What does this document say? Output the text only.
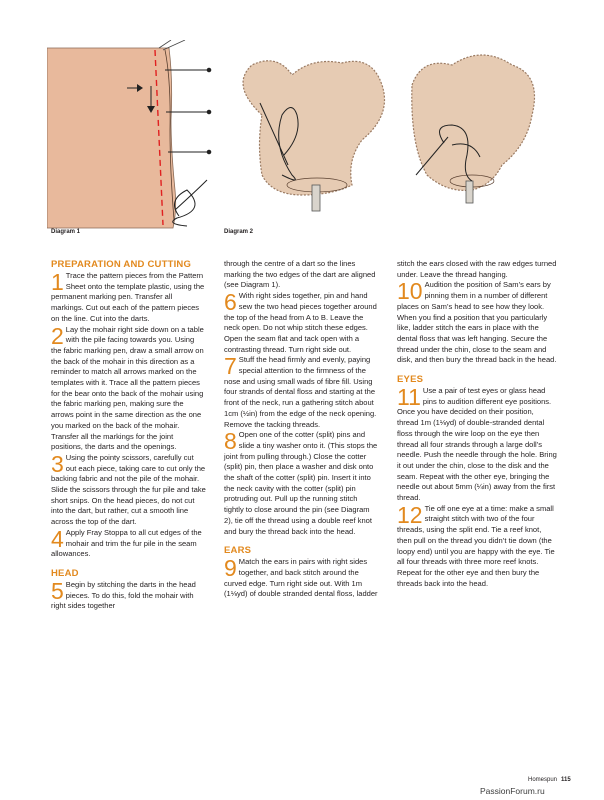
Diagram 1	Diagram 2
PREPARATION AND CUTTING

1 Trace the pattern pieces from the Pattern Sheet onto the template plastic, using the permanent marking pen. Transfer all markings. Cut out each of the pattern pieces on the line. Cut into the darts.

2 Lay the mohair right side down on a table with the pile facing towards you. Using the fabric marking pen, draw a small arrow on the back of the mohair in this direction as a reminder to match all arrows marked on the templates with it. Trace all the pattern pieces for the bear onto the back of the mohair using the fabric marking pen, making sure the arrows point in the same direction as the one you marked on the back of the mohair. Transfer all the markings for the joint positions, the darts and the openings.

3 Using the pointy scissors, carefully cut out each piece, taking care to cut only the backing fabric and not the pile of the mohair. Slide the scissors through the fur pile and take short snips. On the head pieces, do not cut into the dart, but rather, cut a smooth line across the top of the dart.

4 Apply Fray Stoppa to all cut edges of the mohair and trim the fur pile in the seam allowances.

HEAD

5 Begin by stitching the darts in the head pieces. To do this, fold the mohair with right sides together

through the centre of a dart so the lines marking the two edges of the dart are aligned (see Diagram 1).

6 With right sides together, pin and hand sew the two head pieces together around the top of the head from A to B. Leave the neck open. Do not whip stitch these edges. Open the seam flat and tack open with a contrasting thread. Turn right side out.

7 Stuff the head firmly and evenly, paying special attention to the firmness of the nose and using small wads of fibre fill. Using four strands of dental floss and starting at the front of the neck, run a gathering stitch about 1cm (½in) from the edge of the neck opening. Remove the tacking threads.

8 Open one of the cotter (split) pins and slide a tiny washer onto it. (This stops the joint from pulling through.) Close the cotter (split) pin, then place a washer and disk onto the shaft of the cotter (split) pin. Insert it into the neck cavity with the cotter (split) pin protruding out. Pull up the running stitch tightly to close around the pin (see Diagram 2), tie off the thread using a double reef knot and bury the thread back into the head.

EARS

9 Match the ears in pairs with right sides together, and back stitch around the curved edge. Turn right side out. With 1m (1⅛yd) of double stranded dental floss, ladder

stitch the ears closed with the raw edges turned under. Leave the thread hanging.

10 Audition the position of Sam’s ears by pinning them in a number of different places on Sam’s head to see how they look. When you find a position that you particularly like, ladder stitch the ears in place with the dental floss that was left hanging. Secure the thread under the chin, close to the seam and disk, and then bury the thread back in the head.

EYES

11 Use a pair of test eyes or glass head pins to audition different eye positions. Once you have decided on their position, thread 1m (1⅛yd) of double-stranded dental floss through the wire loop on the eye then thread all four strands through a large doll’s needle. Push the needle through the hole. Bring it out under the chin, close to the disk and the seam. Repeat with the other eye, bringing the needle out about 5mm (¼in) away from the first thread.

12 Tie off one eye at a time: make a small straight stitch with two of the four threads, using the split end. Tie a reef knot, then pull on the thread you didn’t tie down (the loopy end) until you are happy with the eye. Tie all four threads with three more reef knots. Repeat for the other eye and then bury the threads back into the head.

Homespun 115
PassionForum.ru
